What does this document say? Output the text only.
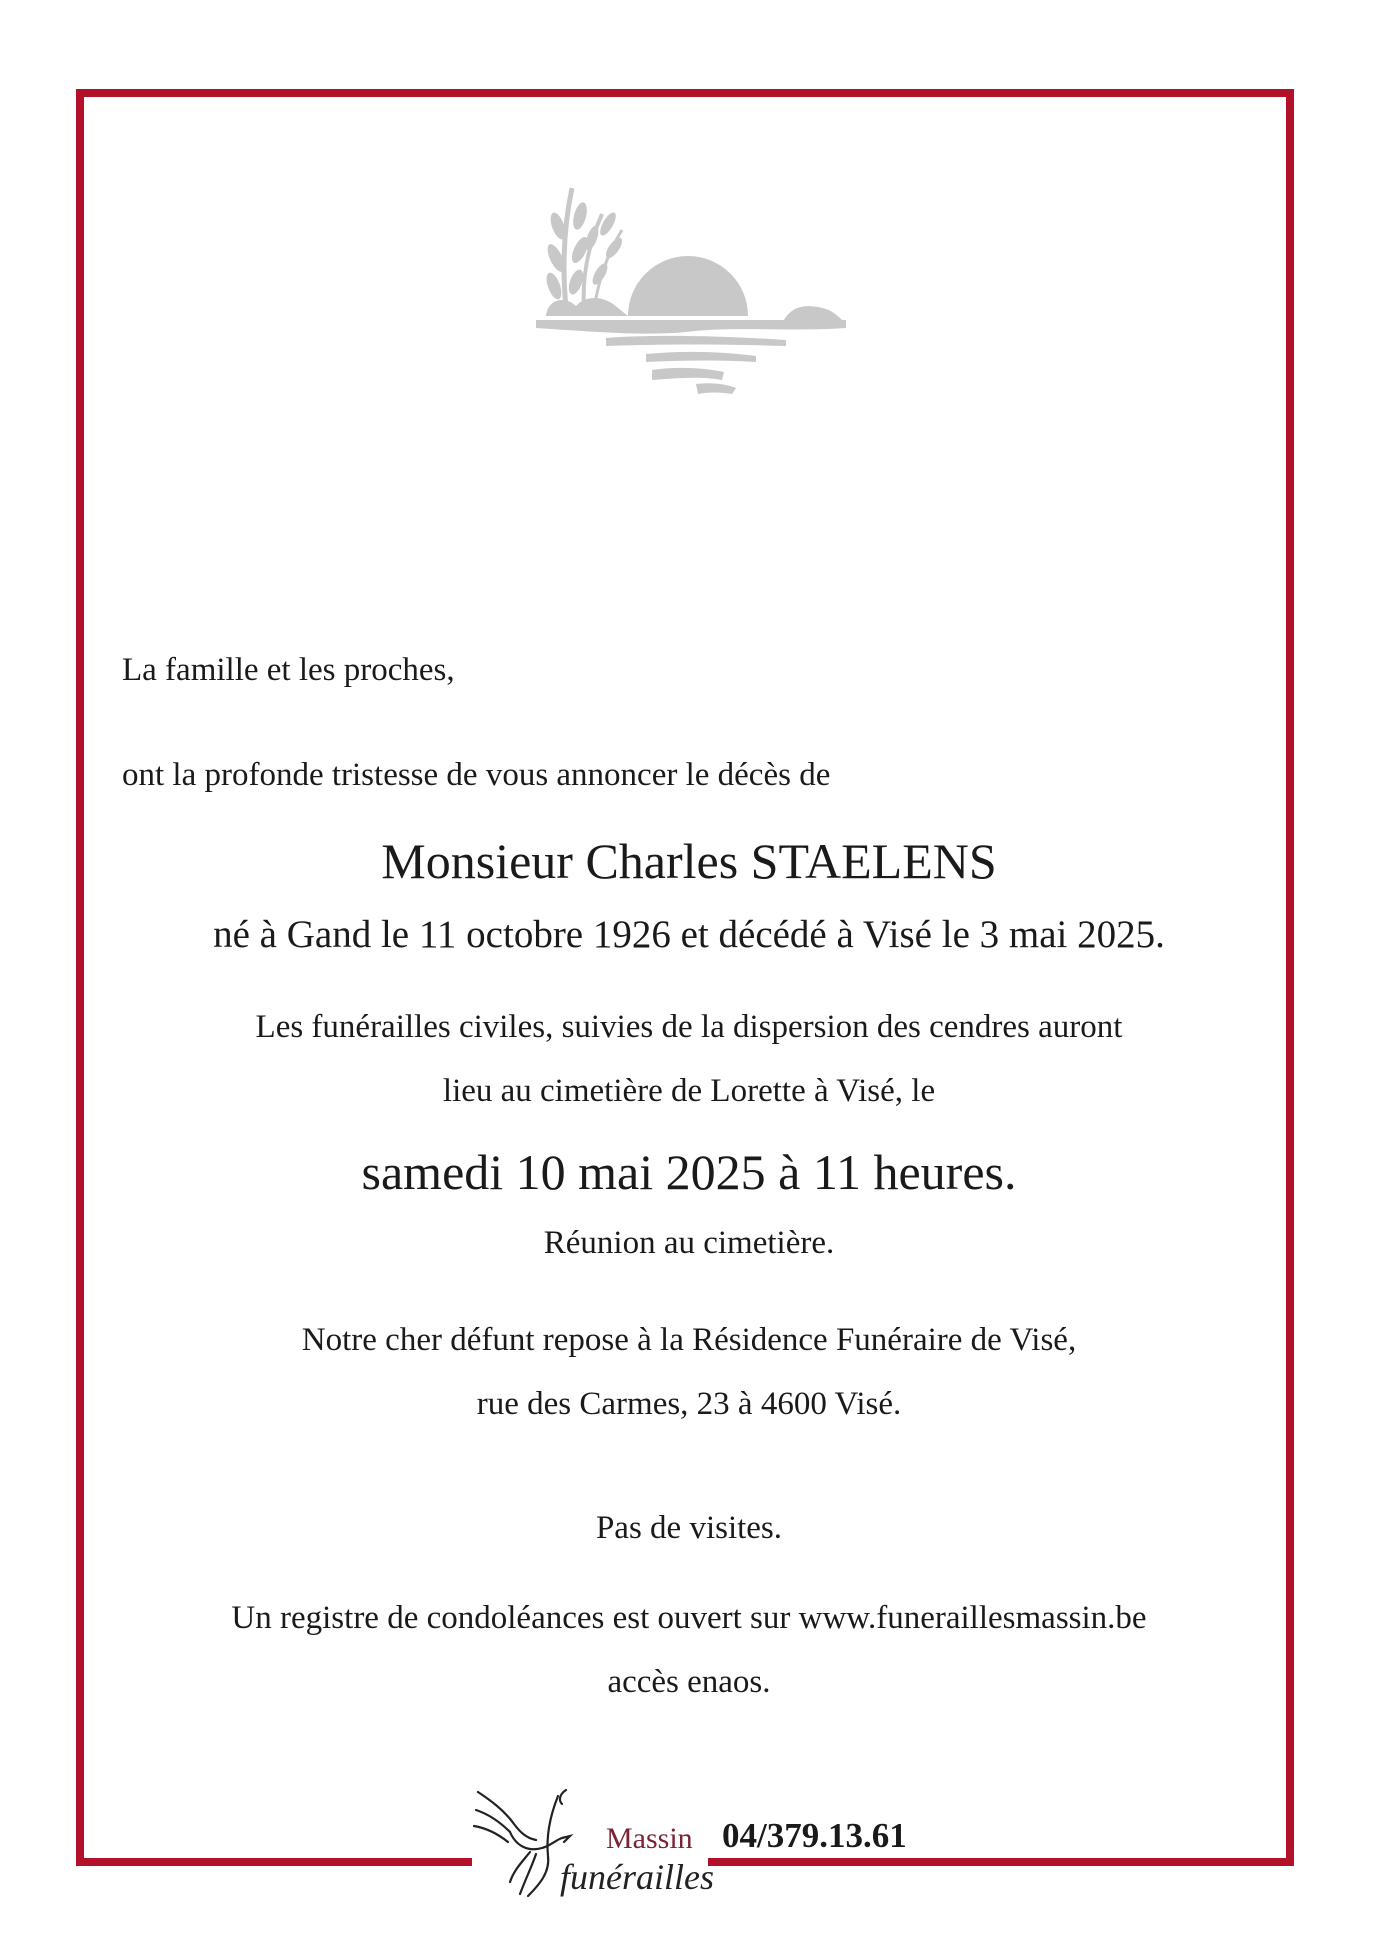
La famille et les proches,

ont la profonde tristesse de vous annoncer le décès de

Monsieur Charles STAELENS

né à Gand le 11 octobre 1926 et décédé à Visé le 3 mai 2025.

Les funérailles civiles, suivies de la dispersion des cendres auront

lieu au cimetière de Lorette à Visé, le

samedi 10 mai 2025 à 11 heures.

Réunion au cimetière.

Notre cher défunt repose à la Résidence Funéraire de Visé,

rue des Carmes, 23 à 4600 Visé.

Pas de visites.

Un registre de condoléances est ouvert sur www.funeraillesmassin.be

accès enaos.

Massin
funérailles
04/379.13.61
